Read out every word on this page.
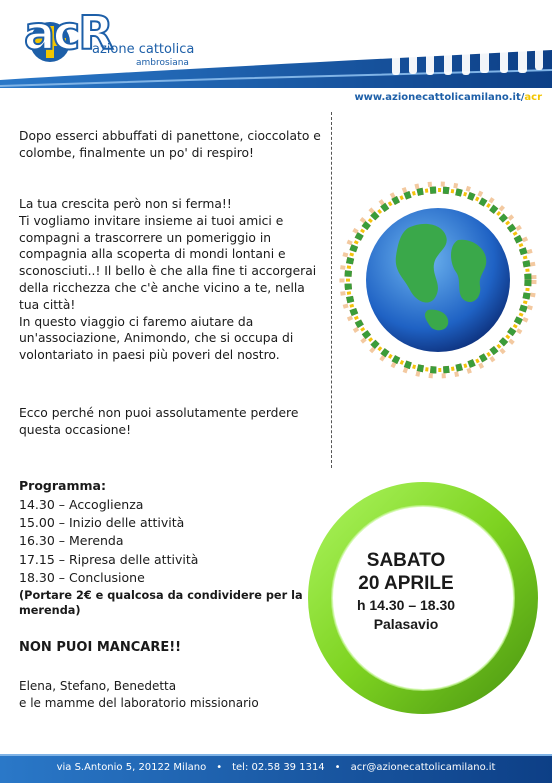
acR
azione cattolica
ambrosiana
www.azionecattolicamilano.it/acr

Dopo esserci abbuffati di panettone, cioccolato e colombe, finalmente un po' di respiro!

La tua crescita però non si ferma!!
Ti vogliamo invitare insieme ai tuoi amici e compagni a trascorrere un pomeriggio in compagnia alla scoperta di mondi lontani e sconosciuti..! Il bello è che alla fine ti accorgerai della ricchezza che c'è anche vicino a te, nella tua città!
In questo viaggio ci faremo aiutare da un'associazione, Animondo, che si occupa di volontariato in paesi più poveri del nostro.

Ecco perché non puoi assolutamente perdere questa occasione!

Programma:
14.30 – Accoglienza
15.00 – Inizio delle attività
16.30 – Merenda
17.15 – Ripresa delle attività
18.30 – Conclusione

(Portare 2€ e qualcosa da condividere per la merenda)

NON PUOI MANCARE!!
Elena, Stefano, Benedetta
e le mamme del laboratorio missionario
SABATO
20 APRILE
h 14.30 – 18.30
Palasavio
via S.Antonio 5, 20122 Milano • tel: 02.58 39 1314 • acr@azionecattolicamilano.it
